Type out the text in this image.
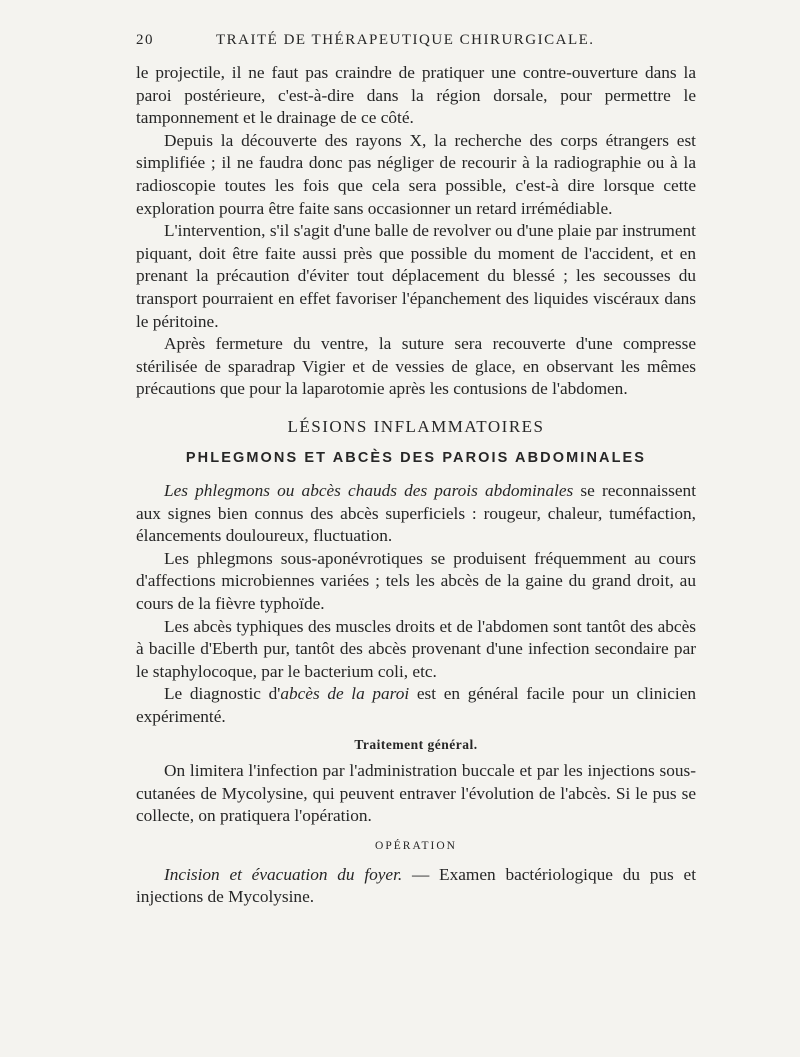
20	TRAITÉ DE THÉRAPEUTIQUE CHIRURGICALE.

le projectile, il ne faut pas craindre de pratiquer une contre-ouverture dans la paroi postérieure, c'est-à-dire dans la région dorsale, pour permettre le tamponnement et le drainage de ce côté.

Depuis la découverte des rayons X, la recherche des corps étrangers est simplifiée ; il ne faudra donc pas négliger de recourir à la radiographie ou à la radioscopie toutes les fois que cela sera possible, c'est-à dire lorsque cette exploration pourra être faite sans occasionner un retard irrémédiable.

L'intervention, s'il s'agit d'une balle de revolver ou d'une plaie par instrument piquant, doit être faite aussi près que possible du moment de l'accident, et en prenant la précaution d'éviter tout déplacement du blessé ; les secousses du transport pourraient en effet favoriser l'épanchement des liquides viscéraux dans le péritoine.

Après fermeture du ventre, la suture sera recouverte d'une compresse stérilisée de sparadrap Vigier et de vessies de glace, en observant les mêmes précautions que pour la laparotomie après les contusions de l'abdomen.

LÉSIONS INFLAMMATOIRES
PHLEGMONS ET ABCÈS DES PAROIS ABDOMINALES

Les phlegmons ou abcès chauds des parois abdominales se reconnaissent aux signes bien connus des abcès superficiels : rougeur, chaleur, tuméfaction, élancements douloureux, fluctuation.

Les phlegmons sous-aponévrotiques se produisent fréquemment au cours d'affections microbiennes variées ; tels les abcès de la gaine du grand droit, au cours de la fièvre typhoïde.

Les abcès typhiques des muscles droits et de l'abdomen sont tantôt des abcès à bacille d'Eberth pur, tantôt des abcès provenant d'une infection secondaire par le staphylocoque, par le bacterium coli, etc.

Le diagnostic d'abcès de la paroi est en général facile pour un clinicien expérimenté.

Traitement général.

On limitera l'infection par l'administration buccale et par les injections sous-cutanées de Mycolysine, qui peuvent entraver l'évolution de l'abcès. Si le pus se collecte, on pratiquera l'opération.

OPÉRATION

Incision et évacuation du foyer. — Examen bactériologique du pus et injections de Mycolysine.
